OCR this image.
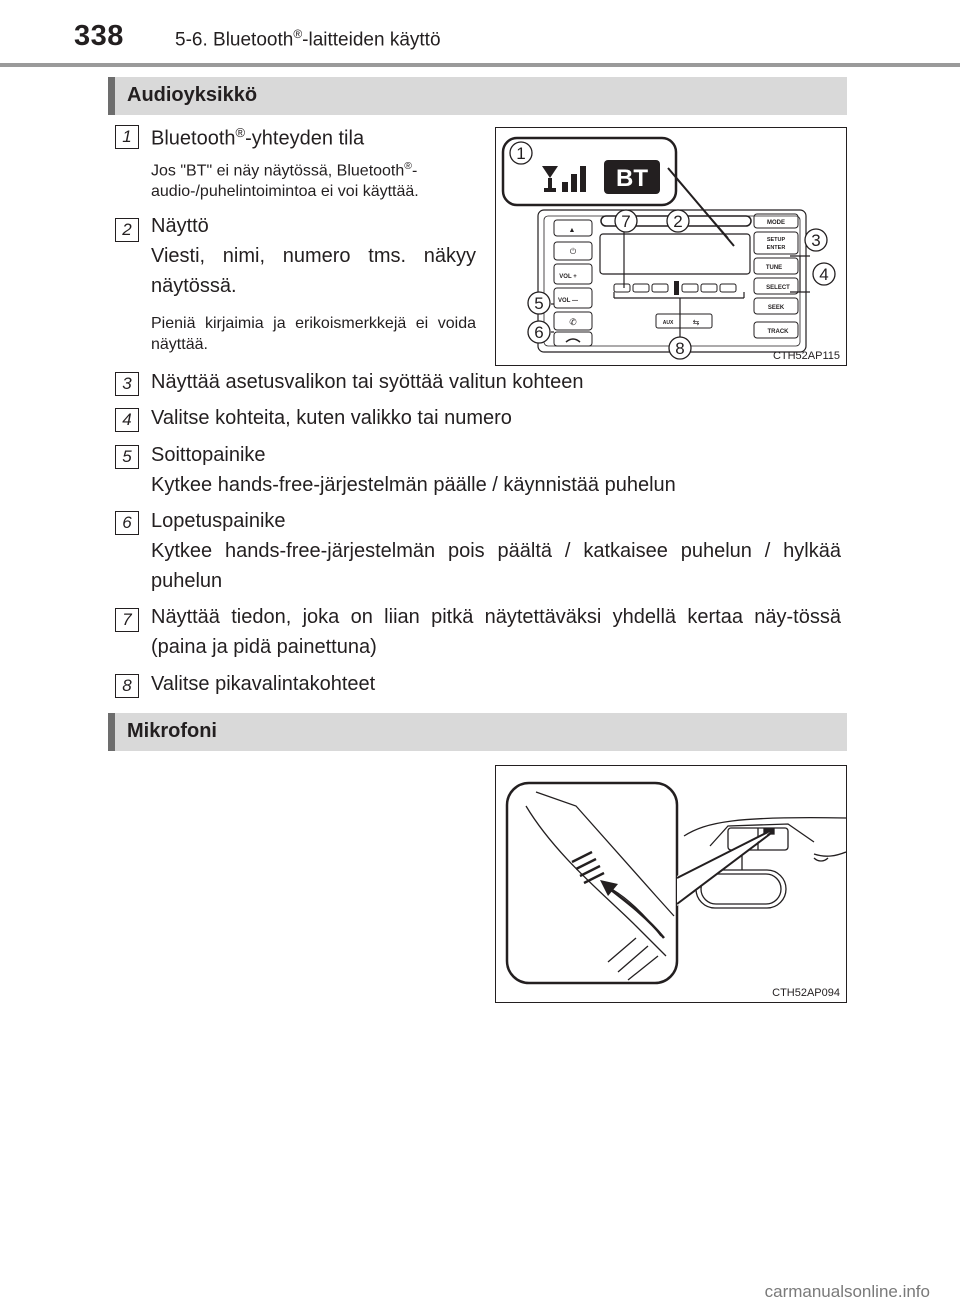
338	5-6. Bluetooth®-laitteiden käyttö
Audioyksikkö
1 Bluetooth®-yhteyden tila
Jos "BT" ei näy näytössä, Bluetooth®-audio-/puhelintoimintoa ei voi käyttää.
2 Näyttö
Viesti, nimi, numero tms. näkyy näytössä.
Pieniä kirjaimia ja erikoismerkkejä ei voida näyttää.
BT
▲
⏻
VOL +
VOL —
✆
MODE
SETUP
ENTER
TUNE
SELECT
SEEK
TRACK
AUX ⇆
1
2
3
4
5
6
7
8	CTH52AP115
3 Näyttää asetusvalikon tai syöttää valitun kohteen
4 Valitse kohteita, kuten valikko tai numero
5 Soittopainike
Kytkee hands-free-järjestelmän päälle / käynnistää puhelun
6 Lopetuspainike
Kytkee hands-free-järjestelmän pois päältä / katkaisee puhelun / hylkää puhelun
7 Näyttää tiedon, joka on liian pitkä näytettäväksi yhdellä kertaa näy-tössä (paina ja pidä painettuna)
8 Valitse pikavalintakohteet
Mikrofoni
CTH52AP094
carmanualsonline.info
